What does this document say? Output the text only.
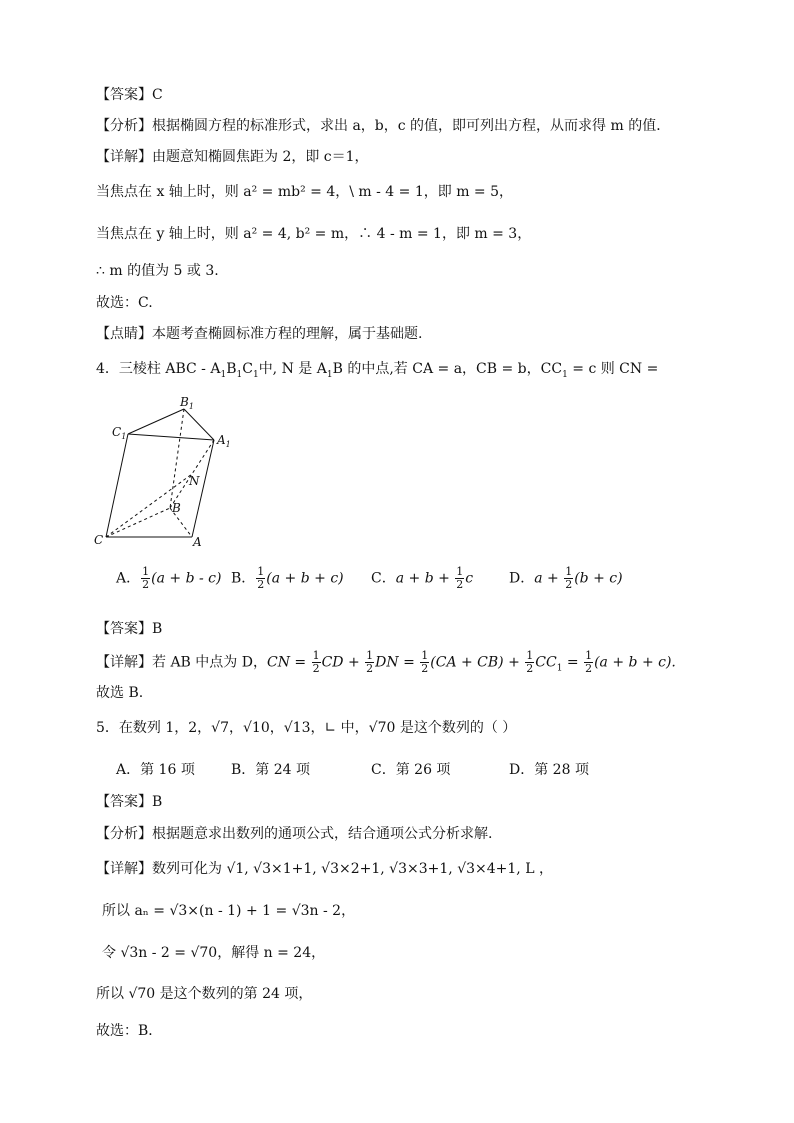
【答案】C
【分析】根据椭圆方程的标准形式，求出 a，b，c 的值，即可列出方程，从而求得 m 的值．
【详解】由题意知椭圆焦距为 2，即 c＝1，
当焦点在 x 轴上时，则 a² = mb² = 4，\ m - 4 = 1，即 m = 5，
当焦点在 y 轴上时，则 a² = 4, b² = m，∴ 4 - m = 1，即 m = 3，
∴ m 的值为 5 或 3.
故选：C.
【点睛】本题考查椭圆标准方程的理解，属于基础题.
4．三棱柱 ABC - $A_1B_1C_1$中, N 是 $A_1B$ 的中点,若 CA = a，CB = b，$CC_1 = c$ 则 CN =
$B_1$
$C_1$	$A_1$
N
B
C	A
A． $\frac{1}{2} (a + b - c)$ B． $\frac{1}{2} (a + b + c)$ C．$a + b + \frac{1}{2}$ c	D．$a + \frac{1}{2} (b + c)$
【答案】B
【详解】若 AB 中点为 D，CN = $\frac{1}{2}$ CD + $\frac{1}{2}$ DN = $\frac{1}{2} (CA + CB) + \frac{1}{2} CC_1 = \frac{1}{2} (a + b + c)$.
故选 B.
5．在数列 1，2，√7，√10，√13，∟ 中，√70 是这个数列的（ ）
A．第 16 项	B．第 24 项	C．第 26 项	D．第 28 项
【答案】B
【分析】根据题意求出数列的通项公式，结合通项公式分析求解.
【详解】数列可化为 √1, √3×1+1, √3×2+1, √3×3+1, √3×4+1, L ，
所以 aₙ = √3×(n - 1) + 1 = √3n - 2，
令 √3n - 2 = √70，解得 n = 24，
所以 √70 是这个数列的第 24 项，
故选：B．
